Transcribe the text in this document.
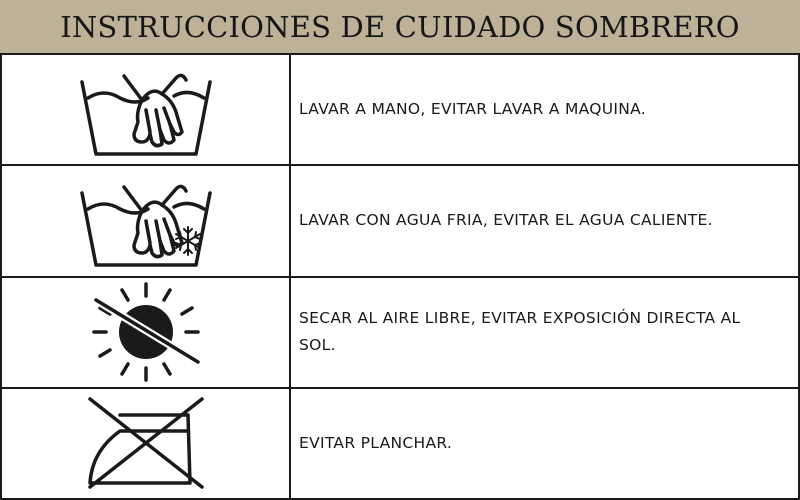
INSTRUCCIONES DE CUIDADO SOMBRERO
	LAVAR A MANO, EVITAR LAVAR A MAQUINA.

	LAVAR CON AGUA FRIA, EVITAR EL AGUA CALIENTE.

	SECAR AL AIRE LIBRE, EVITAR EXPOSICIÓN DIRECTA AL SOL.

	EVITAR PLANCHAR.
